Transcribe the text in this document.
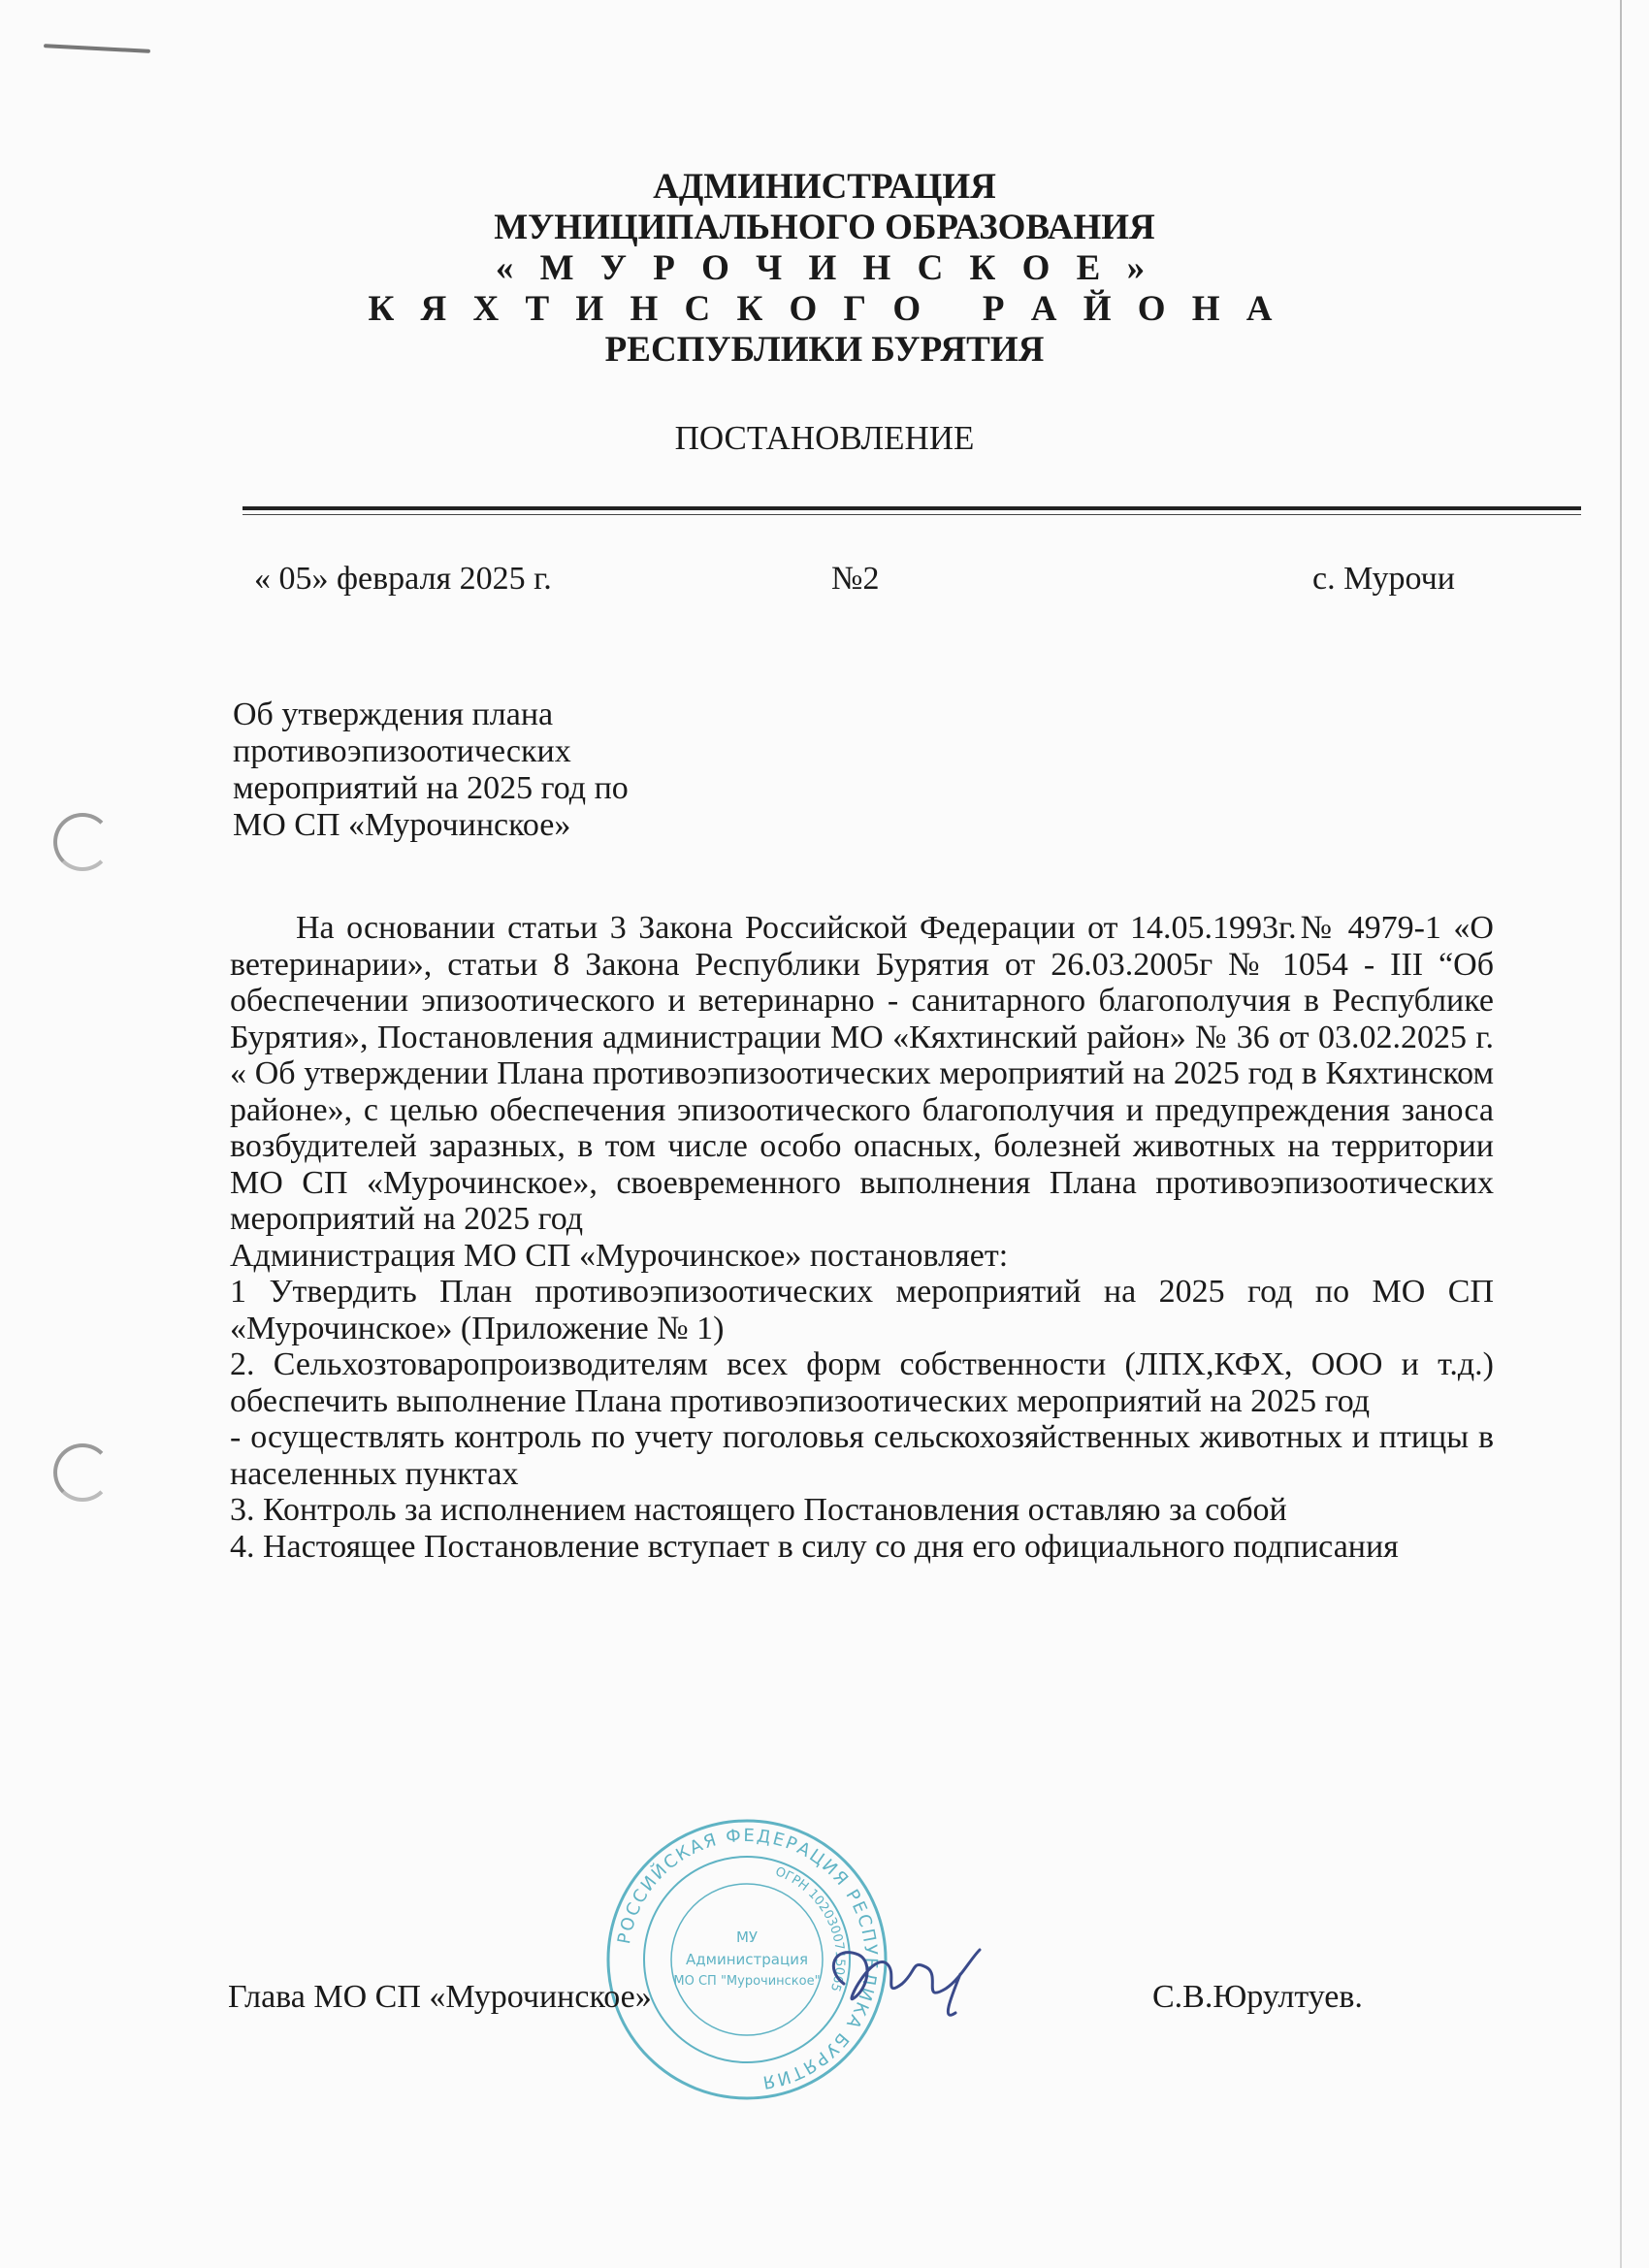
АДМИНИСТРАЦИЯ
МУНИЦИПАЛЬНОГО ОБРАЗОВАНИЯ
« М У Р О Ч И Н С К О Е »
К Я Х Т И Н С К О Г О   Р А Й О Н А
РЕСПУБЛИКИ БУРЯТИЯ
ПОСТАНОВЛЕНИЕ
« 05» февраля 2025 г.	№2	с. Мурочи
Об утверждения плана
противоэпизоотических
мероприятий на 2025 год по
МО СП «Мурочинское»

На основании статьи 3 Закона Российской Федерации от 14.05.1993г.№ 4979-1 «О ветеринарии», статьи 8 Закона Республики Бурятия от 26.03.2005г № 1054 - III “Об обеспечении эпизоотического и ветеринарно - санитарного благополучия в Республике Бурятия», Постановления администрации МО «Кяхтинский район» № 36 от 03.02.2025 г. « Об утверждении Плана противоэпизоотических мероприятий на 2025 год в Кяхтинском районе», с целью обеспечения эпизоотического благополучия и предупреждения заноса возбудителей заразных, в том числе особо опасных, болезней животных на территории МО СП «Мурочинское», своевременного выполнения Плана противоэпизоотических мероприятий на 2025 год

Администрация МО СП «Мурочинское» постановляет:

1 Утвердить План противоэпизоотических мероприятий на 2025 год по МО СП «Мурочинское» (Приложение № 1)

2. Сельхозтоваропроизводителям всех форм собственности (ЛПХ,КФХ, ООО и т.д.) обеспечить выполнение Плана противоэпизоотических мероприятий на 2025 год

- осуществлять контроль по учету поголовья сельскохозяйственных животных и птицы в населенных пунктах

3. Контроль за исполнением настоящего Постановления оставляю за собой

4. Настоящее Постановление вступает в силу со дня его официального подписания

РОССИЙСКАЯ ФЕДЕРАЦИЯ РЕСПУБЛИКА БУРЯТИЯ
ОГРН 1020300715065
МУ
Администрация
МО СП "Мурочинское"
Глава МО СП «Мурочинское»	С.В.Юрултуев.
